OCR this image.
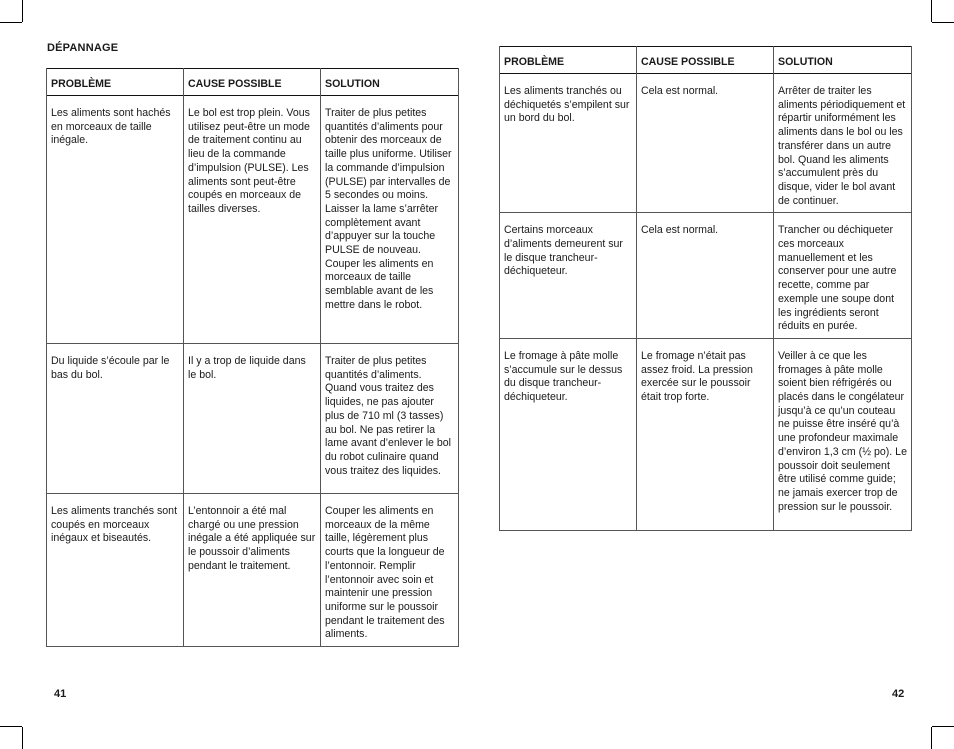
DÉPANNAGE
PROBLÈME	CAUSE POSSIBLE	SOLUTION
Les aliments sont hachés en morceaux de taille inégale.	Le bol est trop plein. Vous utilisez peut-être un mode de traitement continu au lieu de la commande d’impulsion (PULSE). Les aliments sont peut-être coupés en morceaux de tailles diverses.	Traiter de plus petites quantités d’aliments pour obtenir des morceaux de taille plus uniforme. Utiliser la commande d’impulsion (PULSE) par intervalles de 5 secondes ou moins. Laisser la lame s’arrêter complètement avant d’appuyer sur la touche PULSE de nouveau. Couper les aliments en morceaux de taille semblable avant de les mettre dans le robot.
Du liquide s’écoule par le bas du bol.	Il y a trop de liquide dans le bol.	Traiter de plus petites quantités d’aliments. Quand vous traitez des liquides, ne pas ajouter plus de 710 ml (3 tasses) au bol. Ne pas retirer la lame avant d’enlever le bol du robot culinaire quand vous traitez des liquides.
Les aliments tranchés sont coupés en morceaux inégaux et biseautés.	L’entonnoir a été mal chargé ou une pression inégale a été appliquée sur le poussoir d’aliments pendant le traitement.	Couper les aliments en morceaux de la même taille, légèrement plus courts que la longueur de l’entonnoir. Remplir l’entonnoir avec soin et maintenir une pression uniforme sur le poussoir pendant le traitement des aliments.
PROBLÈME	CAUSE POSSIBLE	SOLUTION
Les aliments tranchés ou déchiquetés s’empilent sur un bord du bol.	Cela est normal.	Arrêter de traiter les aliments périodiquement et répartir uniformément les aliments dans le bol ou les transférer dans un autre bol. Quand les aliments s’accumulent près du disque, vider le bol avant de continuer.
Certains morceaux d’aliments demeurent sur le disque trancheur-déchiqueteur.	Cela est normal.	Trancher ou déchiqueter ces morceaux manuellement et les conserver pour une autre recette, comme par exemple une soupe dont les ingrédients seront réduits en purée.
Le fromage à pâte molle s’accumule sur le dessus du disque trancheur-déchiqueteur.	Le fromage n’était pas assez froid. La pression exercée sur le poussoir était trop forte.	Veiller à ce que les fromages à pâte molle soient bien réfrigérés ou placés dans le congélateur jusqu’à ce qu’un couteau ne puisse être inséré qu’à une profondeur maximale d’environ 1,3 cm (½ po). Le poussoir doit seulement être utilisé comme guide; ne jamais exercer trop de pression sur le poussoir.
41	42
